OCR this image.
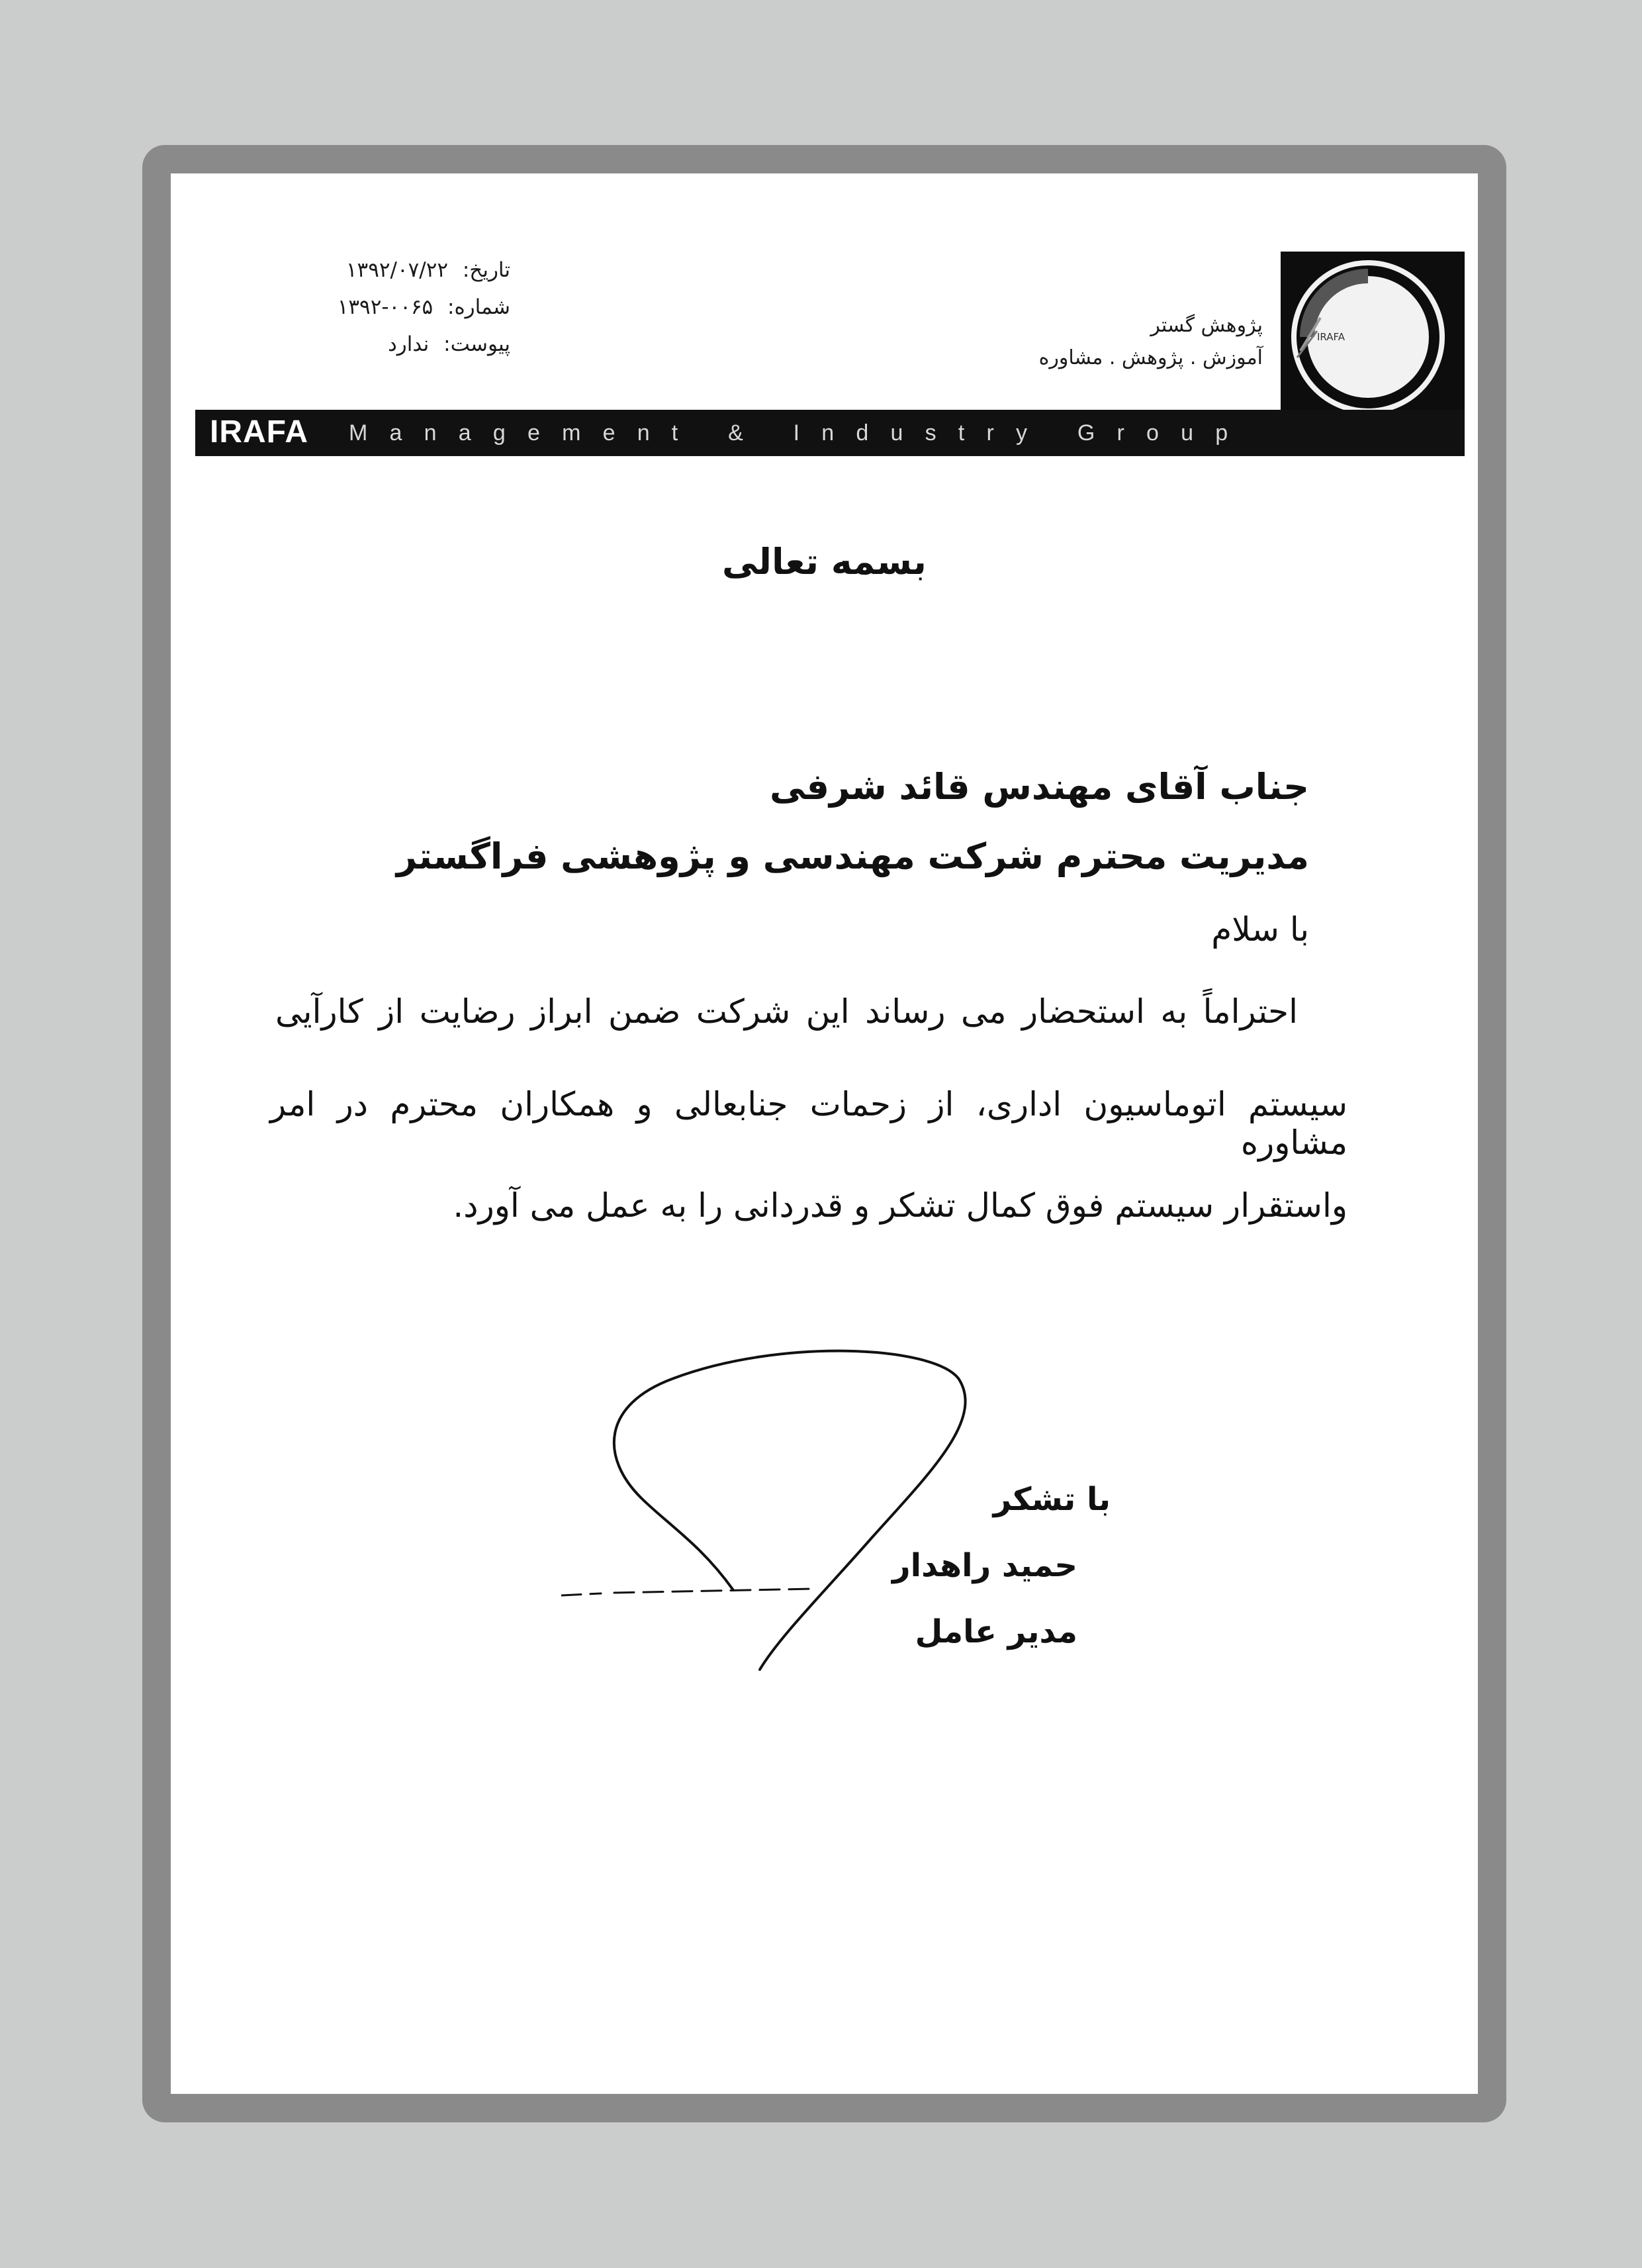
تاریخ: ۱۳۹۲/۰۷/۲۲
شماره: ۱۳۹۲-۰۰۶۵
پیوست: ندارد
پژوهش گستر
آموزش . پژوهش . مشاوره
IRAFA
IRAFA Management & Industry Group
بسمه تعالی
جناب آقای مهندس قائد شرفی
مدیریت محترم شرکت مهندسی و پژوهشی فراگستر
با سلام
احتراماً به استحضار می رساند این شرکت ضمن ابراز رضایت از کارآیی
سیستم اتوماسیون اداری، از زحمات جنابعالی و همکاران محترم در امر مشاوره
واستقرار سیستم فوق کمال تشکر و قدردانی را به عمل می آورد.
با تشکر
حمید راهدار
مدیر عامل
